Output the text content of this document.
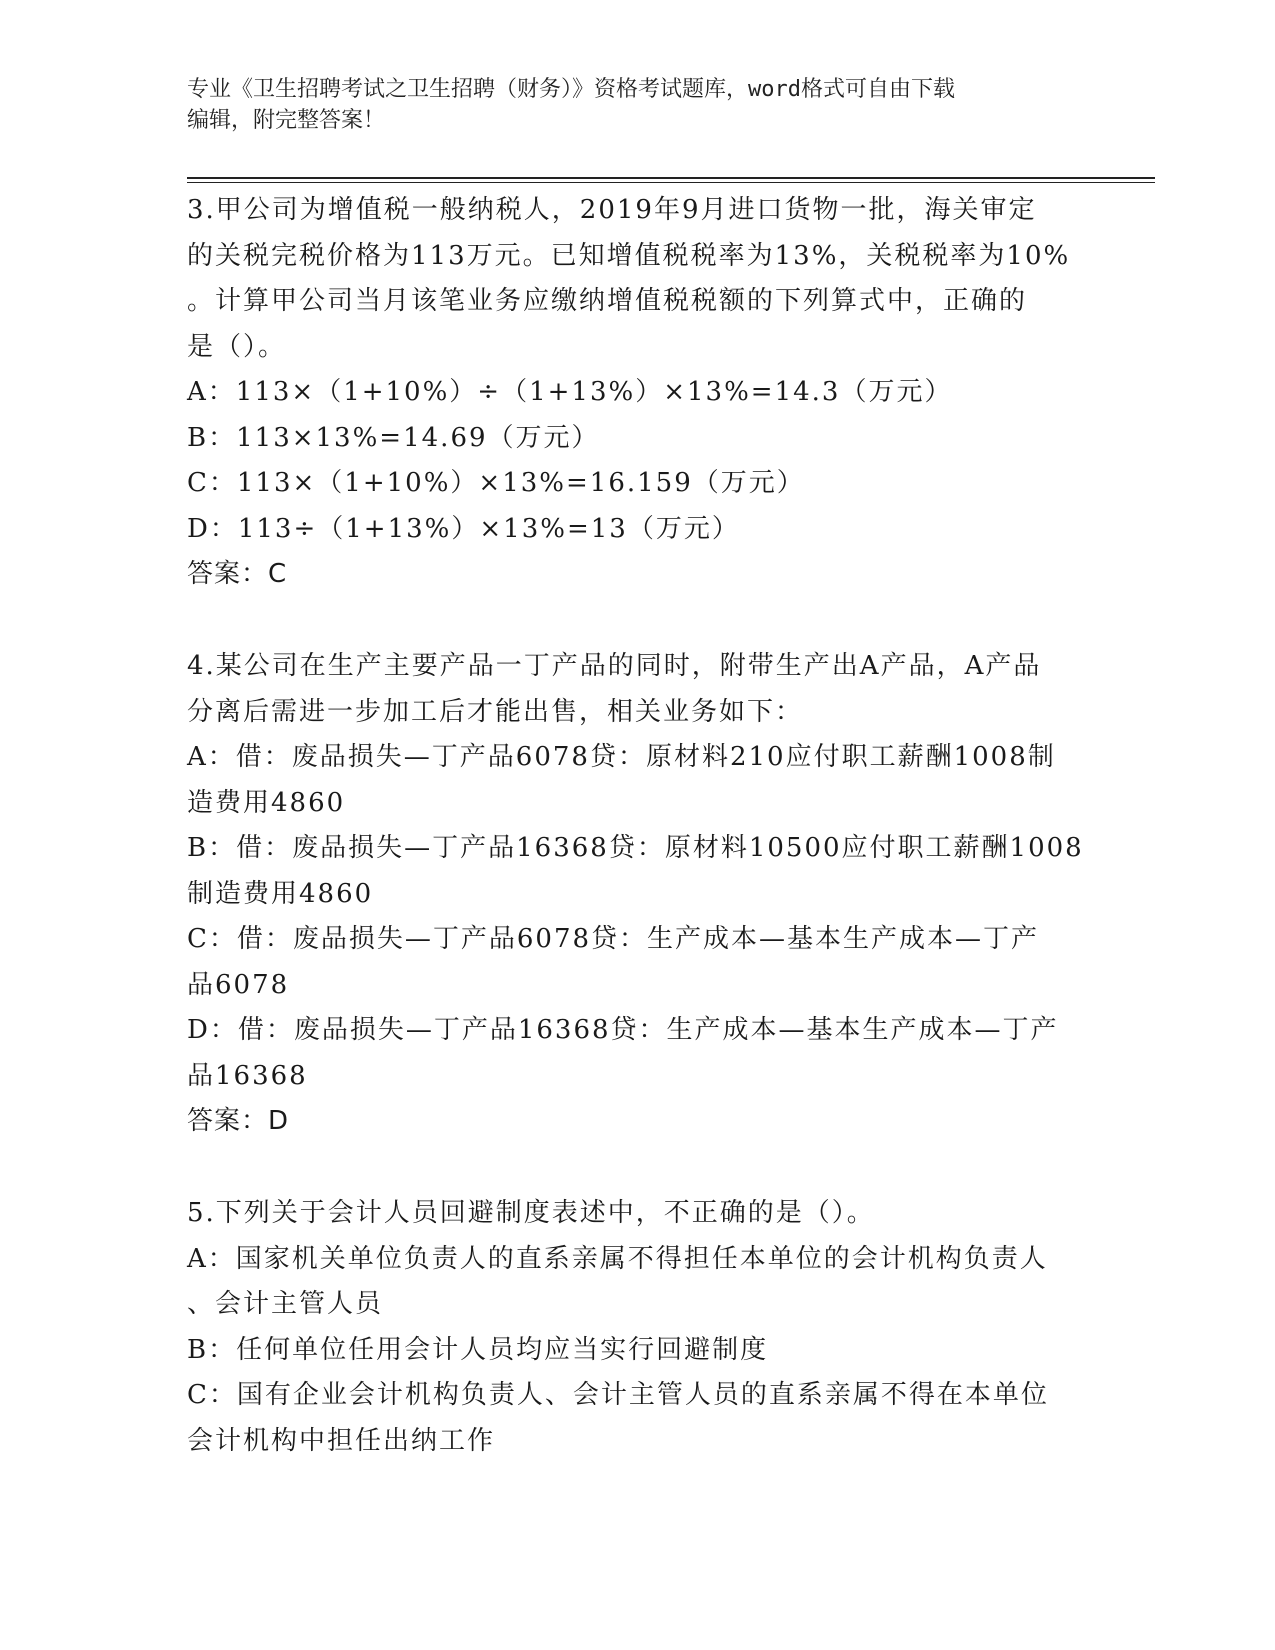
专业《卫生招聘考试之卫生招聘（财务）》资格考试题库，word格式可自由下载
编辑，附完整答案！
3.甲公司为增值税一般纳税人，2019年9月进口货物一批，海关审定
的关税完税价格为113万元。已知增值税税率为13%，关税税率为10%
。计算甲公司当月该笔业务应缴纳增值税税额的下列算式中，正确的
是（）。
A：113×（1+10%）÷（1+13%）×13%=14.3（万元）
B：113×13%=14.69（万元）
C：113×（1+10%）×13%=16.159（万元）
D：113÷（1+13%）×13%=13（万元）
答案：C
4.某公司在生产主要产品一丁产品的同时，附带生产出A产品，A产品
分离后需进一步加工后才能出售，相关业务如下：
A：借：废品损失—丁产品6078贷：原材料210应付职工薪酬1008制
造费用4860
B：借：废品损失—丁产品16368贷：原材料10500应付职工薪酬1008
制造费用4860
C：借：废品损失—丁产品6078贷：生产成本—基本生产成本—丁产
品6078
D：借：废品损失—丁产品16368贷：生产成本—基本生产成本—丁产
品16368
答案：D
5.下列关于会计人员回避制度表述中，不正确的是（）。
A：国家机关单位负责人的直系亲属不得担任本单位的会计机构负责人
、会计主管人员
B：任何单位任用会计人员均应当实行回避制度
C：国有企业会计机构负责人、会计主管人员的直系亲属不得在本单位
会计机构中担任出纳工作
